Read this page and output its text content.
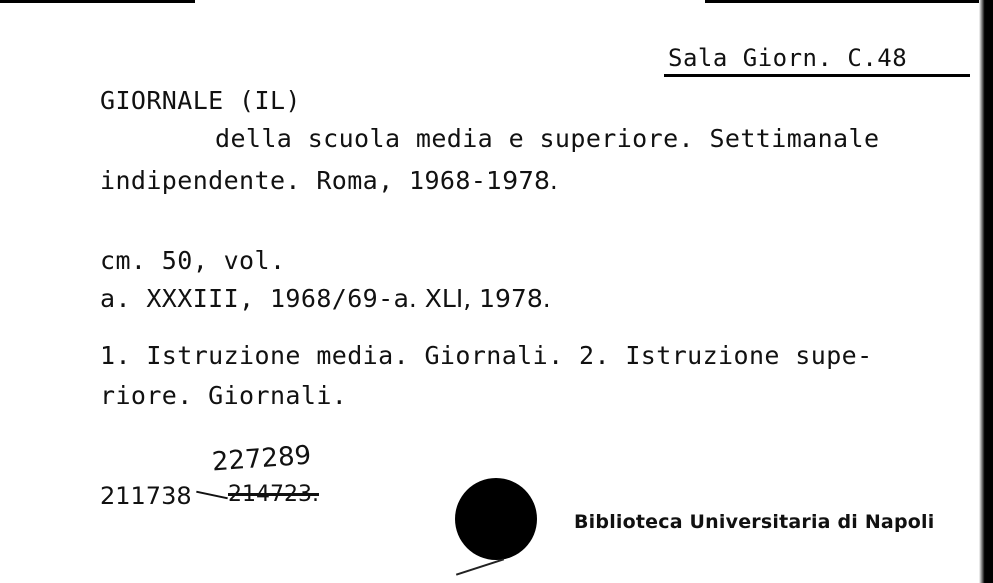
Sala Giorn. C.48
GIORNALE (IL)
della scuola media e superiore. Settimanale
indipendente. Roma, 1968-1978.
cm. 50, vol.
a. XXXIII, 1968/69-a. XLI, 1978.
1. Istruzione media. Giornali. 2. Istruzione supe-
riore. Giornali.
227289
211738 214723.
Biblioteca Universitaria di Napoli
